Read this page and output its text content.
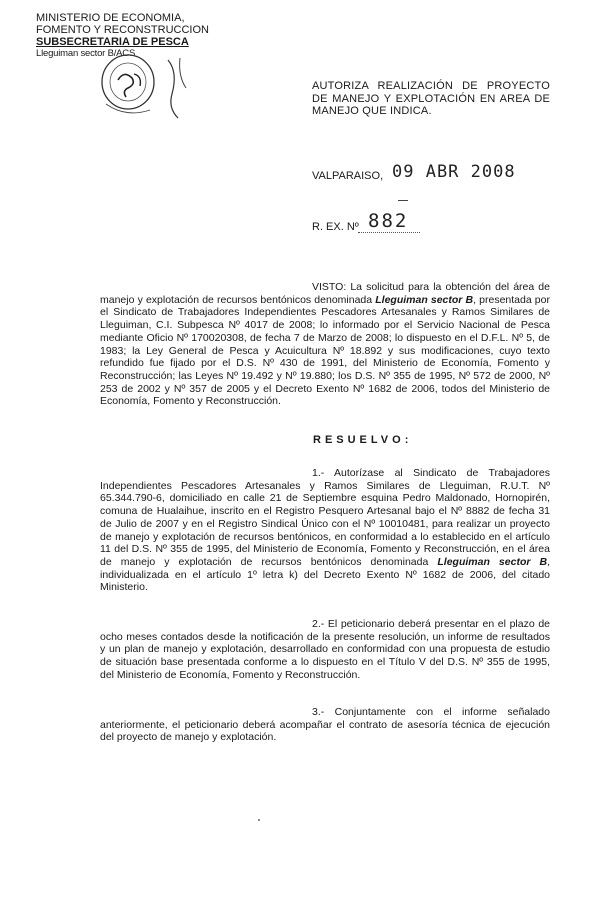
MINISTERIO DE ECONOMIA,
FOMENTO Y RECONSTRUCCION
SUBSECRETARIA DE PESCA
Lleguiman sector B/ACS
AUTORIZA REALIZACIÓN DE PROYECTO DE MANEJO Y EXPLOTACIÓN EN AREA DE MANEJO QUE INDICA.
VALPARAISO, 09 ABR 2008
R. EX. Nº 882
VISTO: La solicitud para la obtención del área de manejo y explotación de recursos bentónicos denominada Lleguiman sector B, presentada por el Sindicato de Trabajadores Independientes Pescadores Artesanales y Ramos Similares de Lleguiman, C.I. Subpesca Nº 4017 de 2008; lo informado por el Servicio Nacional de Pesca mediante Oficio Nº 170020308, de fecha 7 de Marzo de 2008; lo dispuesto en el D.F.L. Nº 5, de 1983; la Ley General de Pesca y Acuicultura Nº 18.892 y sus modificaciones, cuyo texto refundido fue fijado por el D.S. Nº 430 de 1991, del Ministerio de Economía, Fomento y Reconstrucción; las Leyes Nº 19.492 y Nº 19.880; los D.S. Nº 355 de 1995, Nº 572 de 2000, Nº 253 de 2002 y Nº 357 de 2005 y el Decreto Exento Nº 1682 de 2006, todos del Ministerio de Economía, Fomento y Reconstrucción.
RESUELVO:
1.- Autorízase al Sindicato de Trabajadores Independientes Pescadores Artesanales y Ramos Similares de Lleguiman, R.U.T. Nº 65.344.790-6, domiciliado en calle 21 de Septiembre esquina Pedro Maldonado, Hornopirén, comuna de Hualaihue, inscrito en el Registro Pesquero Artesanal bajo el Nº 8882 de fecha 31 de Julio de 2007 y en el Registro Sindical Único con el Nº 10010481, para realizar un proyecto de manejo y explotación de recursos bentónicos, en conformidad a lo establecido en el artículo 11 del D.S. Nº 355 de 1995, del Ministerio de Economía, Fomento y Reconstrucción, en el área de manejo y explotación de recursos bentónicos denominada Lleguiman sector B, individualizada en el artículo 1º letra k) del Decreto Exento Nº 1682 de 2006, del citado Ministerio.
2.- El peticionario deberá presentar en el plazo de ocho meses contados desde la notificación de la presente resolución, un informe de resultados y un plan de manejo y explotación, desarrollado en conformidad con una propuesta de estudio de situación base presentada conforme a lo dispuesto en el Título V del D.S. Nº 355 de 1995, del Ministerio de Economía, Fomento y Reconstrucción.
3.- Conjuntamente con el informe señalado anteriormente, el peticionario deberá acompañar el contrato de asesoría técnica de ejecución del proyecto de manejo y explotación.
